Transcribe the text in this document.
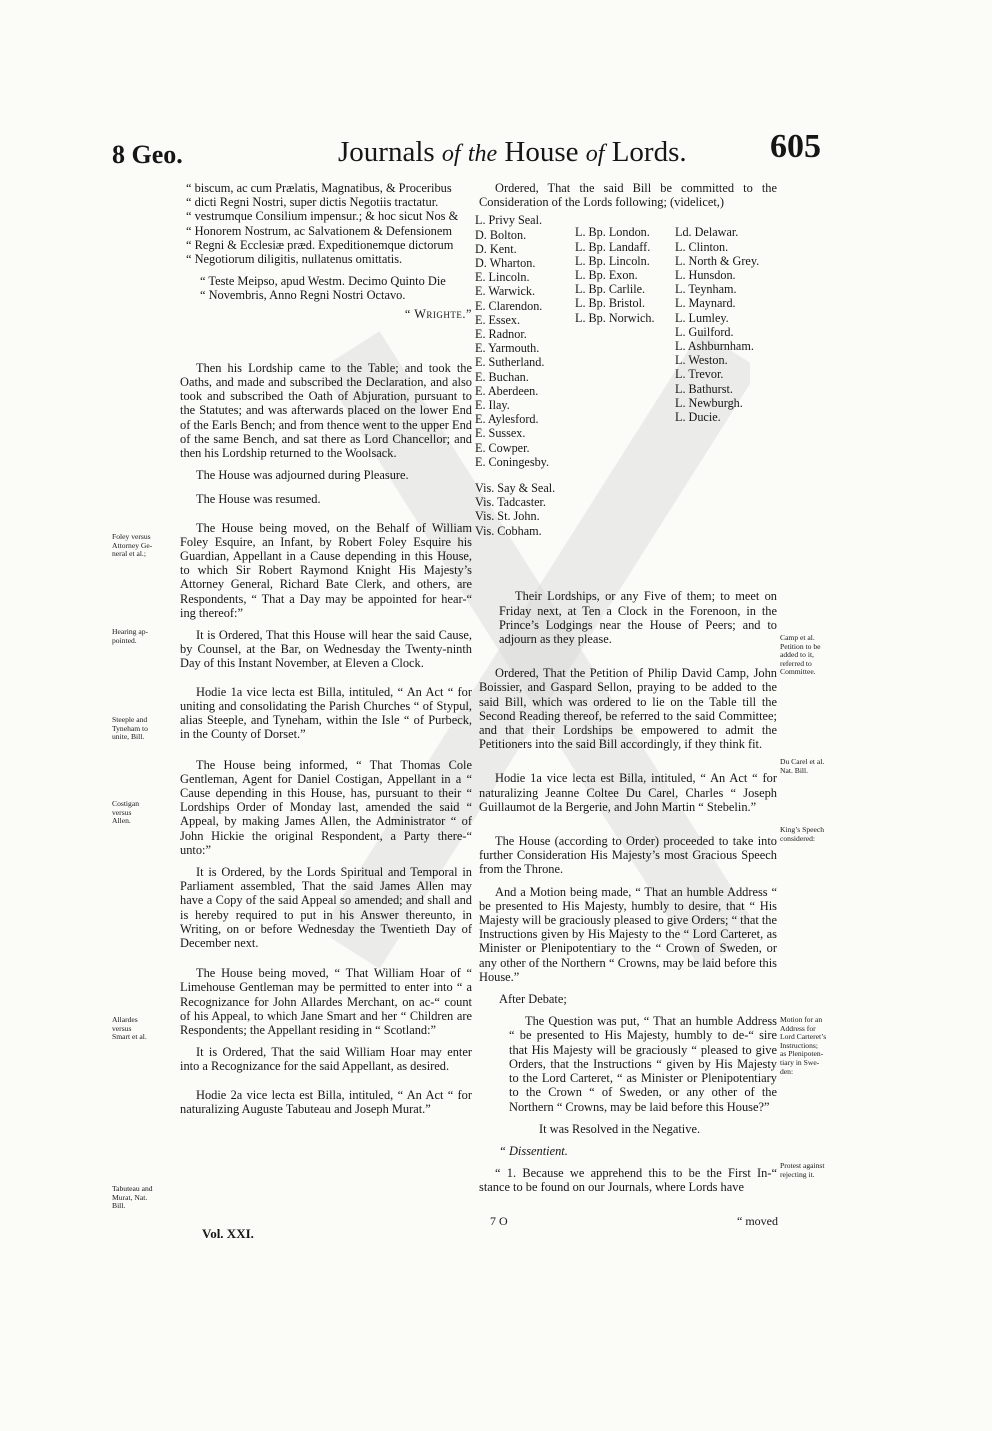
8 Geo.	Journals of the House of Lords. 605
“ biscum, ac cum Prælatis, Magnatibus, & Proceribus
“ dicti Regni Nostri, super dictis Negotiis tractatur.
“ vestrumque Consilium impensur.; & hoc sicut Nos &
“ Honorem Nostrum, ac Salvationem & Defensionem
“ Regni & Ecclesiæ præd. Expeditionemque dictorum
“ Negotiorum diligitis, nullatenus omittatis.
“ Teste Meipso, apud Westm. Decimo Quinto Die
“ Novembris, Anno Regni Nostri Octavo.
“ Wrighte.”

Then his Lordship came to the Table; and took the Oaths, and made and subscribed the Declaration, and also took and subscribed the Oath of Abjuration, pursuant to the Statutes; and was afterwards placed on the lower End of the Earls Bench; and from thence went to the upper End of the same Bench, and sat there as Lord Chancellor; and then his Lordship returned to the Woolsack.

The House was adjourned during Pleasure.

The House was resumed.

The House being moved, on the Behalf of William Foley Esquire, an Infant, by Robert Foley Esquire his Guardian, Appellant in a Cause depending in this House, to which Sir Robert Raymond Knight His Majesty’s Attorney General, Richard Bate Clerk, and others, are Respondents, “ That a Day may be appointed for hear-“ ing thereof:”

It is Ordered, That this House will hear the said Cause, by Counsel, at the Bar, on Wednesday the Twenty-ninth Day of this Instant November, at Eleven a Clock.

Hodie 1a vice lecta est Billa, intituled, “ An Act “ for uniting and consolidating the Parish Churches “ of Stypul, alias Steeple, and Tyneham, within the Isle “ of Purbeck, in the County of Dorset.”

The House being informed, “ That Thomas Cole Gentleman, Agent for Daniel Costigan, Appellant in a “ Cause depending in this House, has, pursuant to their “ Lordships Order of Monday last, amended the said “ Appeal, by making James Allen, the Administrator “ of John Hickie the original Respondent, a Party there-“ unto:”

It is Ordered, by the Lords Spiritual and Temporal in Parliament assembled, That the said James Allen may have a Copy of the said Appeal so amended; and shall and is hereby required to put in his Answer thereunto, in Writing, on or before Wednesday the Twentieth Day of December next.

The House being moved, “ That William Hoar of “ Limehouse Gentleman may be permitted to enter into “ a Recognizance for John Allardes Merchant, on ac-“ count of his Appeal, to which Jane Smart and her “ Children are Respondents; the Appellant residing in “ Scotland:”

It is Ordered, That the said William Hoar may enter into a Recognizance for the said Appellant, as desired.

Hodie 2a vice lecta est Billa, intituled, “ An Act “ for naturalizing Auguste Tabuteau and Joseph Murat.”

Foley versus
Attorney Ge-
neral et al.;
Hearing ap-
pointed.
Steeple and
Tyneham to
unite, Bill.
Costigan
versus
Allen.
Allardes
versus
Smart et al.
Tabuteau and
Murat, Nat.
Bill.

Ordered, That the said Bill be committed to the Consideration of the Lords following; (videlicet,)

L. Privy Seal.
D. Bolton.
D. Kent.
D. Wharton.
E. Lincoln.
E. Warwick.
E. Clarendon.
E. Essex.
E. Radnor.
E. Yarmouth.
E. Sutherland.
E. Buchan.
E. Aberdeen.
E. Ilay.
E. Aylesford.
E. Sussex.
E. Cowper.
E. Coningesby.
Vis. Say & Seal.
Vis. Tadcaster.
Vis. St. John.
Vis. Cobham.
L. Bp. London.
L. Bp. Landaff.
L. Bp. Lincoln.
L. Bp. Exon.
L. Bp. Carlile.
L. Bp. Bristol.
L. Bp. Norwich.
Ld. Delawar.
L. Clinton.
L. North & Grey.
L. Hunsdon.
L. Teynham.
L. Maynard.
L. Lumley.
L. Guilford.
L. Ashburnham.
L. Weston.
L. Trevor.
L. Bathurst.
L. Newburgh.
L. Ducie.

Their Lordships, or any Five of them; to meet on Friday next, at Ten a Clock in the Forenoon, in the Prince’s Lodgings near the House of Peers; and to adjourn as they please.

Ordered, That the Petition of Philip David Camp, John Boissier, and Gaspard Sellon, praying to be added to the said Bill, which was ordered to lie on the Table till the Second Reading thereof, be referred to the said Committee; and that their Lordships be empowered to admit the Petitioners into the said Bill accordingly, if they think fit.

Hodie 1a vice lecta est Billa, intituled, “ An Act “ for naturalizing Jeanne Coltee Du Carel, Charles “ Joseph Guillaumot de la Bergerie, and John Martin “ Stebelin.”

The House (according to Order) proceeded to take into further Consideration His Majesty’s most Gracious Speech from the Throne.

And a Motion being made, “ That an humble Address “ be presented to His Majesty, humbly to desire, that “ His Majesty will be graciously pleased to give Orders; “ that the Instructions given by His Majesty to the “ Lord Carteret, as Minister or Plenipotentiary to the “ Crown of Sweden, or any other of the Northern “ Crowns, may be laid before this House.”

After Debate;

The Question was put, “ That an humble Address “ be presented to His Majesty, humbly to de-“ sire that His Majesty will be graciously “ pleased to give Orders, that the Instructions “ given by His Majesty to the Lord Carteret, “ as Minister or Plenipotentiary to the Crown “ of Sweden, or any other of the Northern “ Crowns, may be laid before this House?”

It was Resolved in the Negative.

“ Dissentient.

“ 1. Because we apprehend this to be the First In-“ stance to be found on our Journals, where Lords have

Camp et al.
Petition to be
added to it,
referred to
Committee.
Du Carel et al.
Nat. Bill.
King’s Speech
considered:
Motion for an
Address for
Lord Carteret’s
Instructions;
as Plenipoten-
tiary in Swe-
den:
Protest against
rejecting it.
Vol. XXI.
7 O	“ moved
